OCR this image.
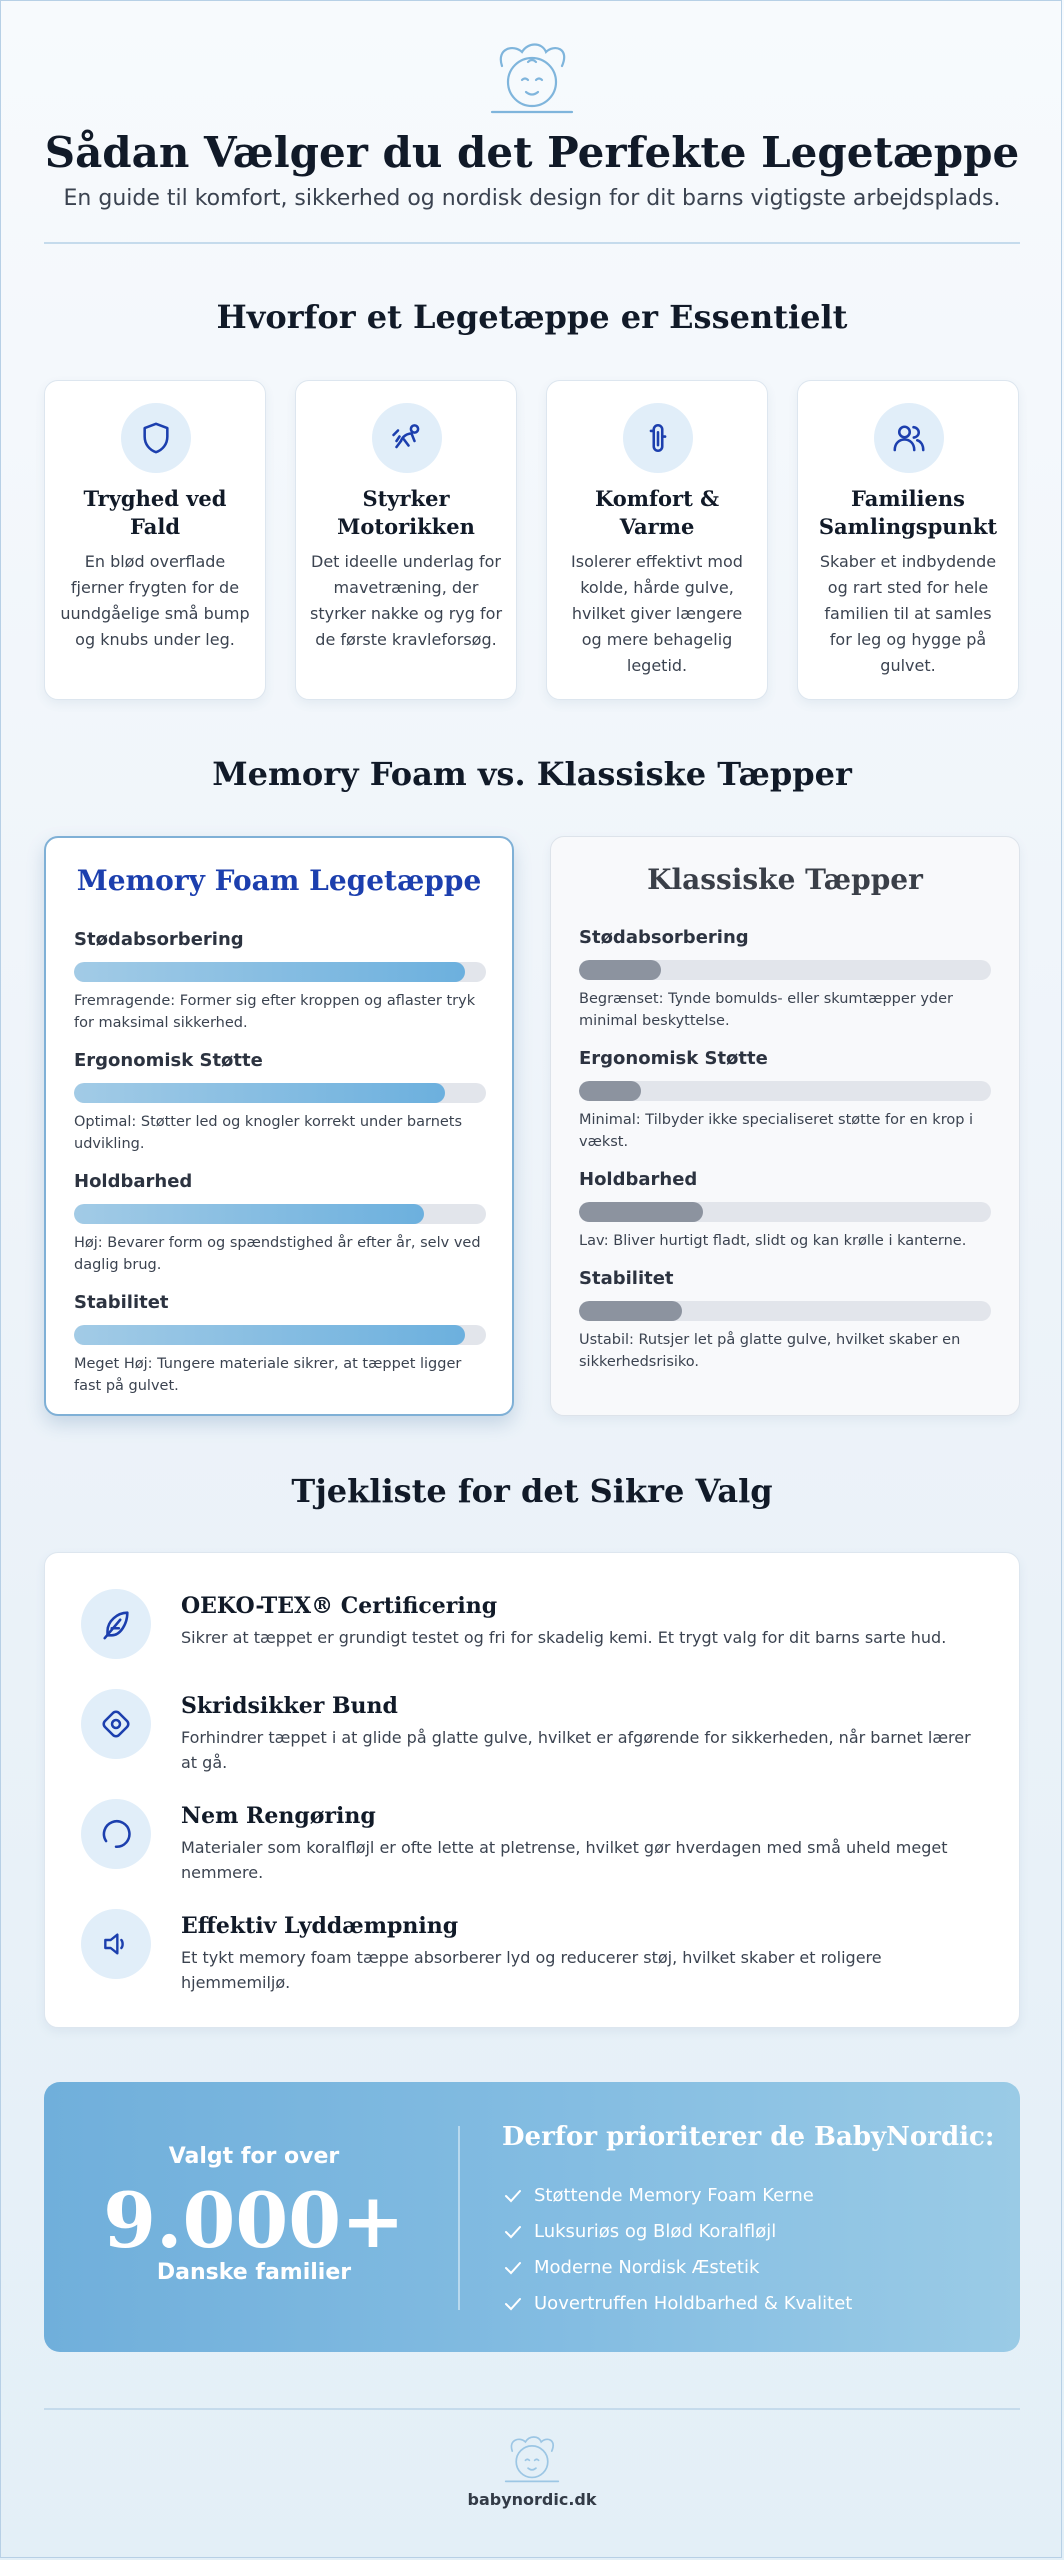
Sådan Vælger du det Perfekte Legetæppe

En guide til komfort, sikkerhed og nordisk design for dit barns vigtigste arbejdsplads.

Hvorfor et Legetæppe er Essentielt
Tryghed ved Fald
En blød overflade fjerner frygten for de uundgåelige små bump og knubs under leg.
Styrker Motorikken
Det ideelle underlag for mavetræning, der styrker nakke og ryg for de første kravleforsøg.
Komfort & Varme
Isolerer effektivt mod kolde, hårde gulve, hvilket giver længere og mere behagelig legetid.
Familiens Samlingspunkt
Skaber et indbydende og rart sted for hele familien til at samles for leg og hygge på gulvet.
Memory Foam vs. Klassiske Tæpper
Memory Foam Legetæppe
Stødabsorbering
Fremragende: Former sig efter kroppen og aflaster tryk for maksimal sikkerhed.
Ergonomisk Støtte
Optimal: Støtter led og knogler korrekt under barnets udvikling.
Holdbarhed
Høj: Bevarer form og spændstighed år efter år, selv ved daglig brug.
Stabilitet
Meget Høj: Tungere materiale sikrer, at tæppet ligger fast på gulvet.
Klassiske Tæpper
Stødabsorbering
Begrænset: Tynde bomulds- eller skumtæpper yder minimal beskyttelse.
Ergonomisk Støtte
Minimal: Tilbyder ikke specialiseret støtte for en krop i vækst.
Holdbarhed
Lav: Bliver hurtigt fladt, slidt og kan krølle i kanterne.
Stabilitet
Ustabil: Rutsjer let på glatte gulve, hvilket skaber en sikkerhedsrisiko.
Tjekliste for det Sikre Valg
OEKO-TEX® Certificering
Sikrer at tæppet er grundigt testet og fri for skadelig kemi. Et trygt valg for dit barns sarte hud.
Skridsikker Bund
Forhindrer tæppet i at glide på glatte gulve, hvilket er afgørende for sikkerheden, når barnet lærer at gå.
Nem Rengøring
Materialer som koralfløjl er ofte lette at pletrense, hvilket gør hverdagen med små uheld meget nemmere.
Effektiv Lyddæmpning
Et tykt memory foam tæppe absorberer lyd og reducerer støj, hvilket skaber et roligere hjemmemiljø.
Valgt for over
9.000+
Danske familier
Derfor prioriterer de BabyNordic:
Støttende Memory Foam Kerne
Luksuriøs og Blød Koralfløjl
Moderne Nordisk Æstetik
Uovertruffen Holdbarhed & Kvalitet
babynordic.dk
